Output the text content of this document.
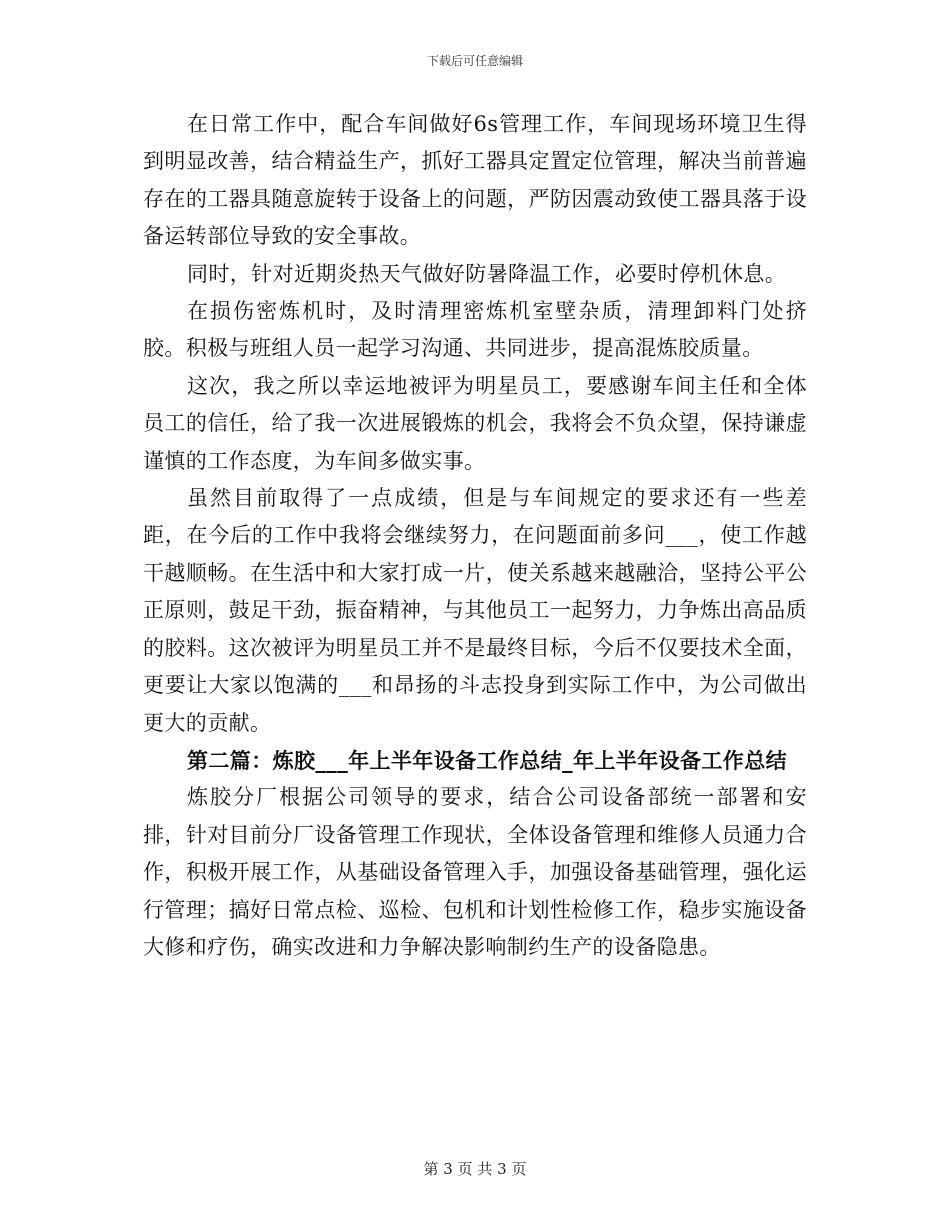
下载后可任意编辑

在日常工作中，配合车间做好6s管理工作，车间现场环境卫生得到明显改善，结合精益生产，抓好工器具定置定位管理，解决当前普遍存在的工器具随意旋转于设备上的问题，严防因震动致使工器具落于设备运转部位导致的安全事故。

同时，针对近期炎热天气做好防暑降温工作，必要时停机休息。

在损伤密炼机时，及时清理密炼机室壁杂质，清理卸料门处挤胶。积极与班组人员一起学习沟通、共同进步，提高混炼胶质量。

这次，我之所以幸运地被评为明星员工，要感谢车间主任和全体员工的信任，给了我一次进展锻炼的机会，我将会不负众望，保持谦虚谨慎的工作态度，为车间多做实事。

虽然目前取得了一点成绩，但是与车间规定的要求还有一些差距，在今后的工作中我将会继续努力，在问题面前多问___，使工作越干越顺畅。在生活中和大家打成一片，使关系越来越融洽，坚持公平公正原则，鼓足干劲，振奋精神，与其他员工一起努力，力争炼出高品质的胶料。这次被评为明星员工并不是最终目标，今后不仅要技术全面，更要让大家以饱满的___和昂扬的斗志投身到实际工作中，为公司做出更大的贡献。

第二篇：炼胶___年上半年设备工作总结_年上半年设备工作总结

炼胶分厂根据公司领导的要求，结合公司设备部统一部署和安排，针对目前分厂设备管理工作现状，全体设备管理和维修人员通力合作，积极开展工作，从基础设备管理入手，加强设备基础管理，强化运行管理；搞好日常点检、巡检、包机和计划性检修工作，稳步实施设备大修和疗伤，确实改进和力争解决影响制约生产的设备隐患。

第 3 页 共 3 页
